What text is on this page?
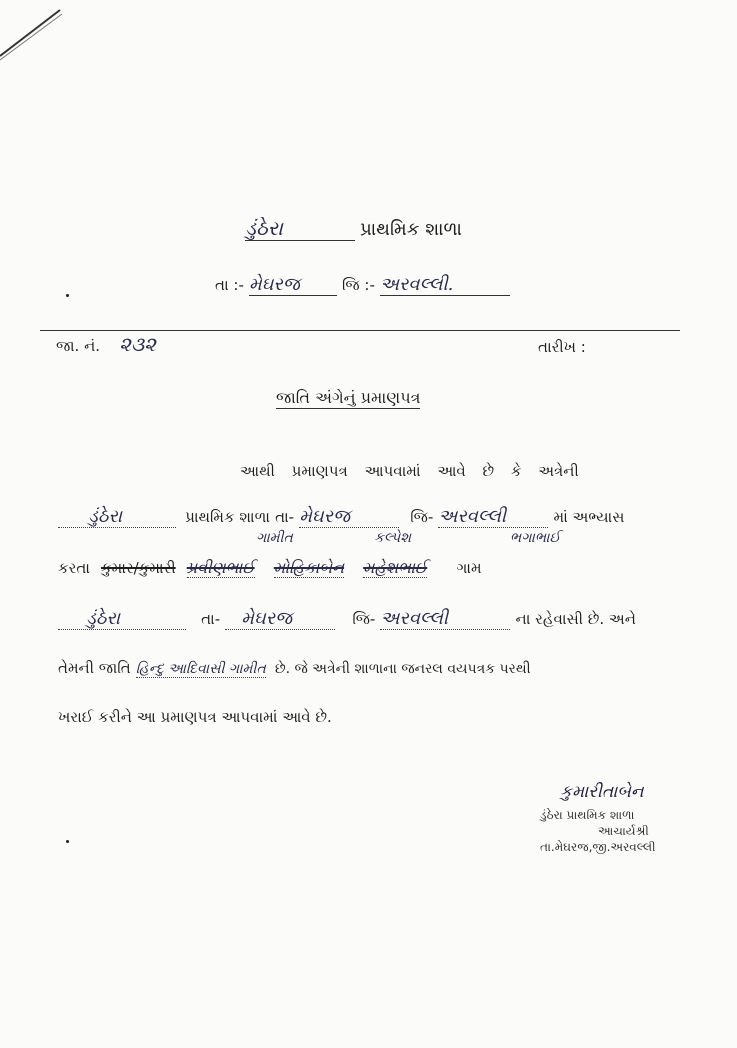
ડુંઠેરા	પ્રાથમિક શાળા
તા :- મેઘરજ	જિ :- અરવલ્લી.
જા. નં. ૨૩૨	તારીખ :
જાતિ અંગેનું પ્રમાણપત્ર
આથી પ્રમાણપત્ર આપવામાં આવે છે કે અત્રેની
ડુંઠેરા	પ્રાથમિક શાળા તા- મેઘરજ	જિ- અરવલ્લી	માં અભ્યાસ
ગામીત	કલ્પેશ	ભગાભાઈ
કરતા કુમાર/કુમારી પ્રવીણભાઈ મોહિકાબેન મહેશભાઈ ગામ
ડુંઠેરા	તા- મેઘરજ	જિ- અરવલ્લી	ના રહેવાસી છે. અને
તેમની જાતિ હિન્દુ આદિવાસી ગામીત છે. જે અત્રેની શાળાના જનરલ વયપત્રક પરથી
ખરાઈ કરીને આ પ્રમાણપત્ર આપવામાં આવે છે.
કુમારીતાબેન
ડુંઠેરા પ્રાથમિક શાળા
આચાર્યશ્રી
તા.મેઘરજ,જી.અરવલ્લી
